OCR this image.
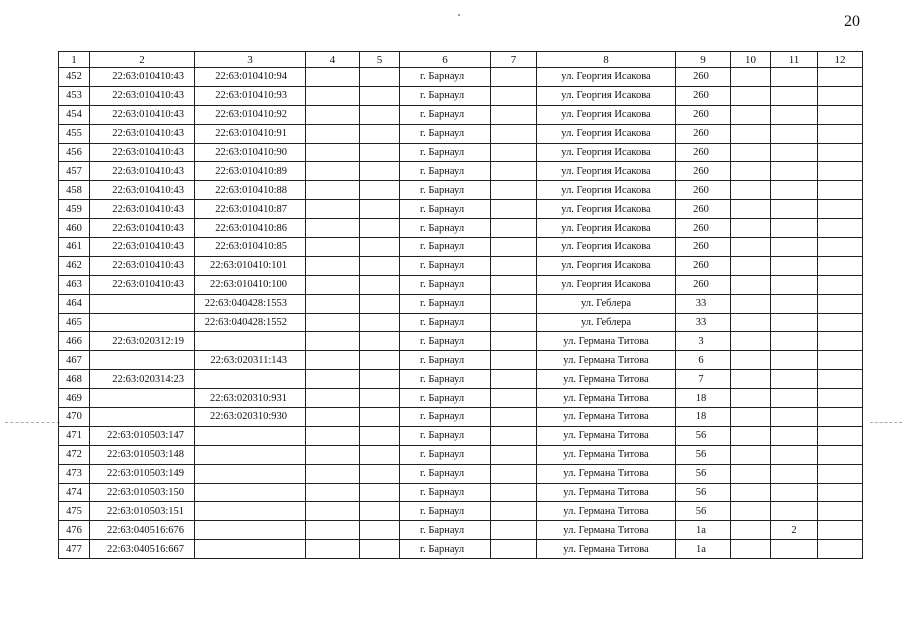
20
1	2	3	4	5	6	7	8	9	10	11	12
452	22:63:010410:43	22:63:010410:94			г. Барнаул		ул. Георгия Исакова	260			
453	22:63:010410:43	22:63:010410:93			г. Барнаул		ул. Георгия Исакова	260			
454	22:63:010410:43	22:63:010410:92			г. Барнаул		ул. Георгия Исакова	260			
455	22:63:010410:43	22:63:010410:91			г. Барнаул		ул. Георгия Исакова	260			
456	22:63:010410:43	22:63:010410:90			г. Барнаул		ул. Георгия Исакова	260			
457	22:63:010410:43	22:63:010410:89			г. Барнаул		ул. Георгия Исакова	260			
458	22:63:010410:43	22:63:010410:88			г. Барнаул		ул. Георгия Исакова	260			
459	22:63:010410:43	22:63:010410:87			г. Барнаул		ул. Георгия Исакова	260			
460	22:63:010410:43	22:63:010410:86			г. Барнаул		ул. Георгия Исакова	260			
461	22:63:010410:43	22:63:010410:85			г. Барнаул		ул. Георгия Исакова	260			
462	22:63:010410:43	22:63:010410:101			г. Барнаул		ул. Георгия Исакова	260			
463	22:63:010410:43	22:63:010410:100			г. Барнаул		ул. Георгия Исакова	260			
464		22:63:040428:1553			г. Барнаул		ул. Геблера	33			
465		22:63:040428:1552			г. Барнаул		ул. Геблера	33			
466	22:63:020312:19				г. Барнаул		ул. Германа Титова	3			
467		22:63:020311:143			г. Барнаул		ул. Германа Титова	6			
468	22:63:020314:23				г. Барнаул		ул. Германа Титова	7			
469		22:63:020310:931			г. Барнаул		ул. Германа Титова	18			
470		22:63:020310:930			г. Барнаул		ул. Германа Титова	18			
471	22:63:010503:147				г. Барнаул		ул. Германа Титова	56			
472	22:63:010503:148				г. Барнаул		ул. Германа Титова	56			
473	22:63:010503:149				г. Барнаул		ул. Германа Титова	56			
474	22:63:010503:150				г. Барнаул		ул. Германа Титова	56			
475	22:63:010503:151				г. Барнаул		ул. Германа Титова	56			
476	22:63:040516:676				г. Барнаул		ул. Германа Титова	1а		2	
477	22:63:040516:667				г. Барнаул		ул. Германа Титова	1а			
